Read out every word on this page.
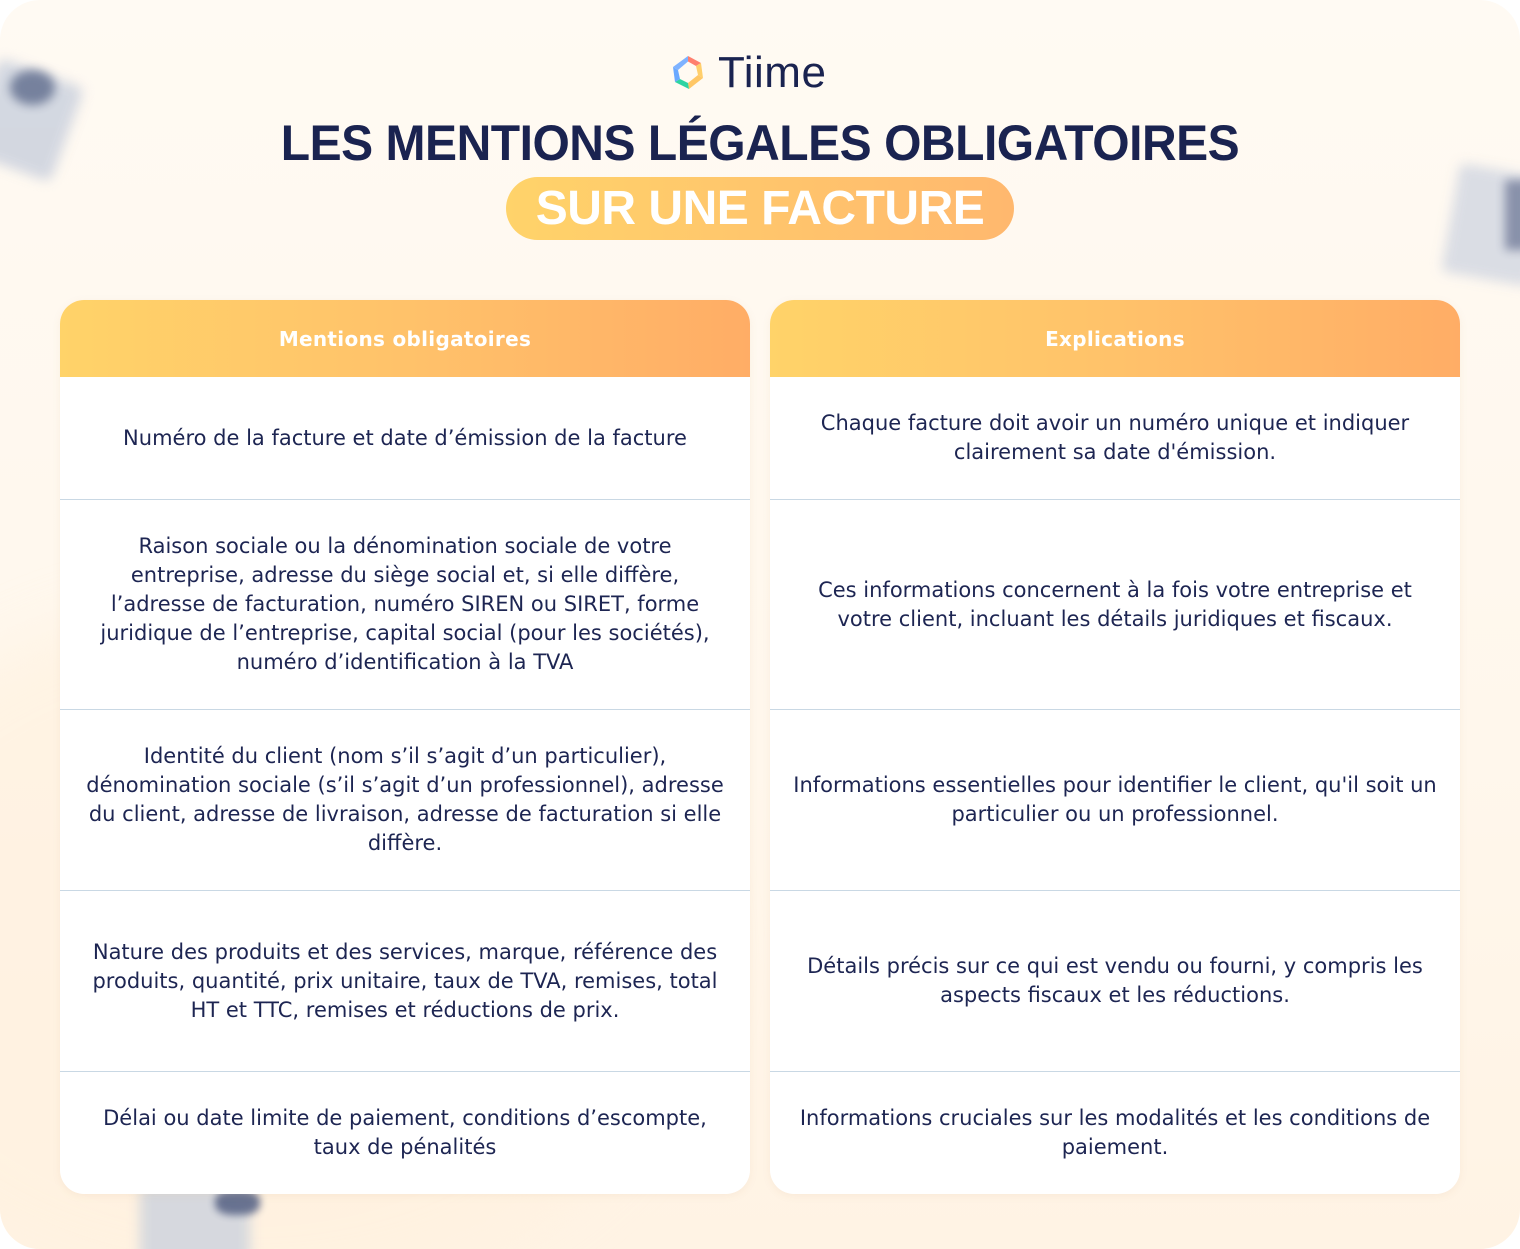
Tiime
LES MENTIONS LÉGALES OBLIGATOIRES
SUR UNE FACTURE
Mentions obligatoires
Numéro de la facture et date d’émission de la facture
Raison sociale ou la dénomination sociale de votre entreprise, adresse du siège social et, si elle diffère, l’adresse de facturation, numéro SIREN ou SIRET, forme juridique de l’entreprise, capital social (pour les sociétés), numéro d’identification à la TVA
Identité du client (nom s’il s’agit d’un particulier), dénomination sociale (s’il s’agit d’un professionnel), adresse du client, adresse de livraison, adresse de facturation si elle diffère.
Nature des produits et des services, marque, référence des produits, quantité, prix unitaire, taux de TVA, remises, total HT et TTC, remises et réductions de prix.
Délai ou date limite de paiement, conditions d’escompte, taux de pénalités
Explications
Chaque facture doit avoir un numéro unique et indiquer clairement sa date d'émission.
Ces informations concernent à la fois votre entreprise et votre client, incluant les détails juridiques et fiscaux.
Informations essentielles pour identifier le client, qu'il soit un particulier ou un professionnel.
Détails précis sur ce qui est vendu ou fourni, y compris les aspects fiscaux et les réductions.
Informations cruciales sur les modalités et les conditions de paiement.
